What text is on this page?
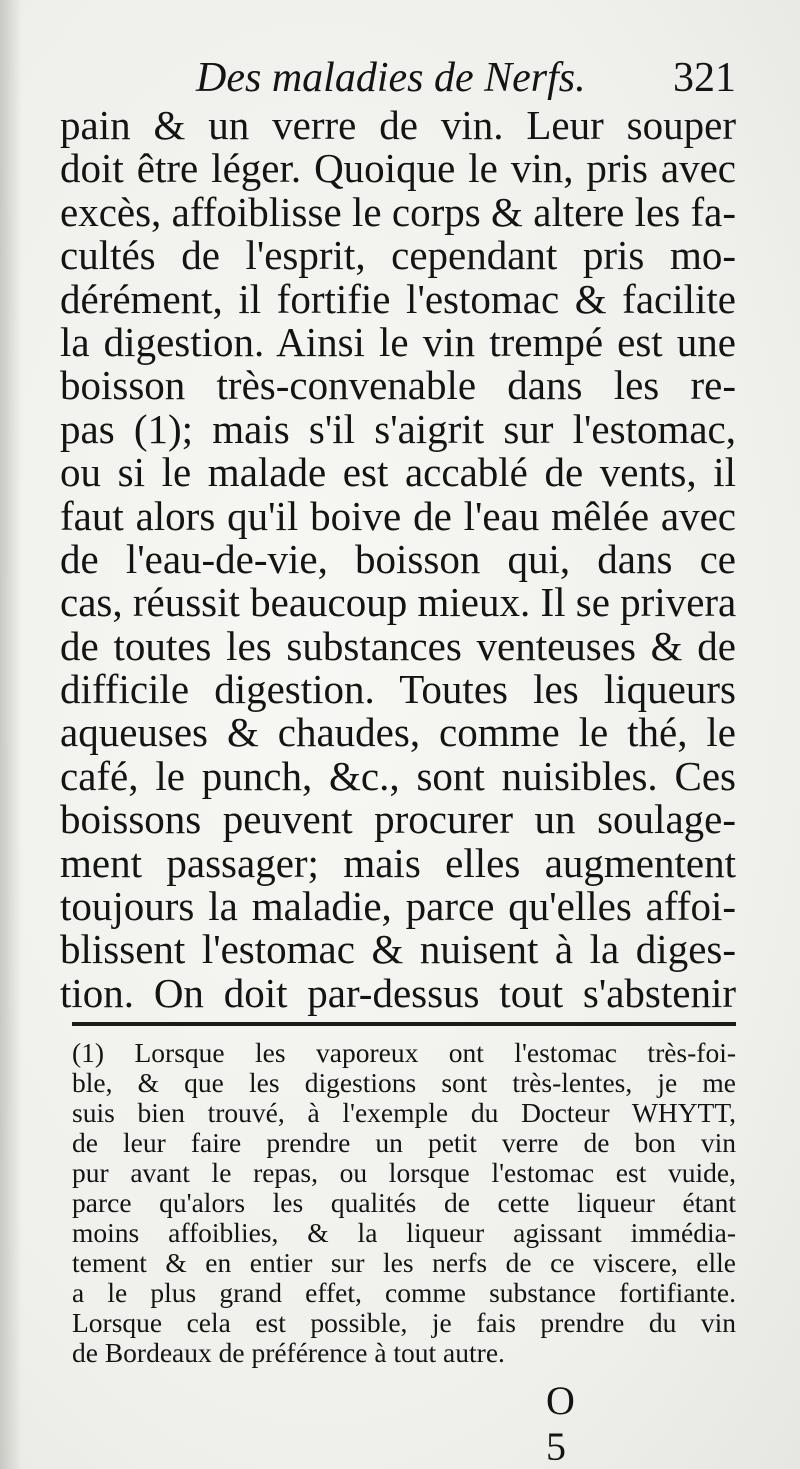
Des maladies de Nerfs. 321
pain & un verre de vin. Leur souper
doit être léger. Quoique le vin, pris avec
excès, affoiblisse le corps & altere les fa-
cultés de l'esprit, cependant pris mo-
dérément, il fortifie l'estomac & facilite
la digestion. Ainsi le vin trempé est une
boisson très-convenable dans les re-
pas (1); mais s'il s'aigrit sur l'estomac,
ou si le malade est accablé de vents, il
faut alors qu'il boive de l'eau mêlée avec
de l'eau-de-vie, boisson qui, dans ce
cas, réussit beaucoup mieux. Il se privera
de toutes les substances venteuses & de
difficile digestion. Toutes les liqueurs
aqueuses & chaudes, comme le thé, le
café, le punch, &c., sont nuisibles. Ces
boissons peuvent procurer un soulage-
ment passager; mais elles augmentent
toujours la maladie, parce qu'elles affoi-
blissent l'estomac & nuisent à la diges-
tion. On doit par-dessus tout s'abstenir
(1) Lorsque les vaporeux ont l'estomac très-foi-
ble, & que les digestions sont très-lentes, je me
suis bien trouvé, à l'exemple du Docteur WHYTT,
de leur faire prendre un petit verre de bon vin
pur avant le repas, ou lorsque l'estomac est vuide,
parce qu'alors les qualités de cette liqueur étant
moins affoiblies, & la liqueur agissant immédia-
tement & en entier sur les nerfs de ce viscere, elle
a le plus grand effet, comme substance fortifiante.
Lorsque cela est possible, je fais prendre du vin
de Bordeaux de préférence à tout autre.
O 5
